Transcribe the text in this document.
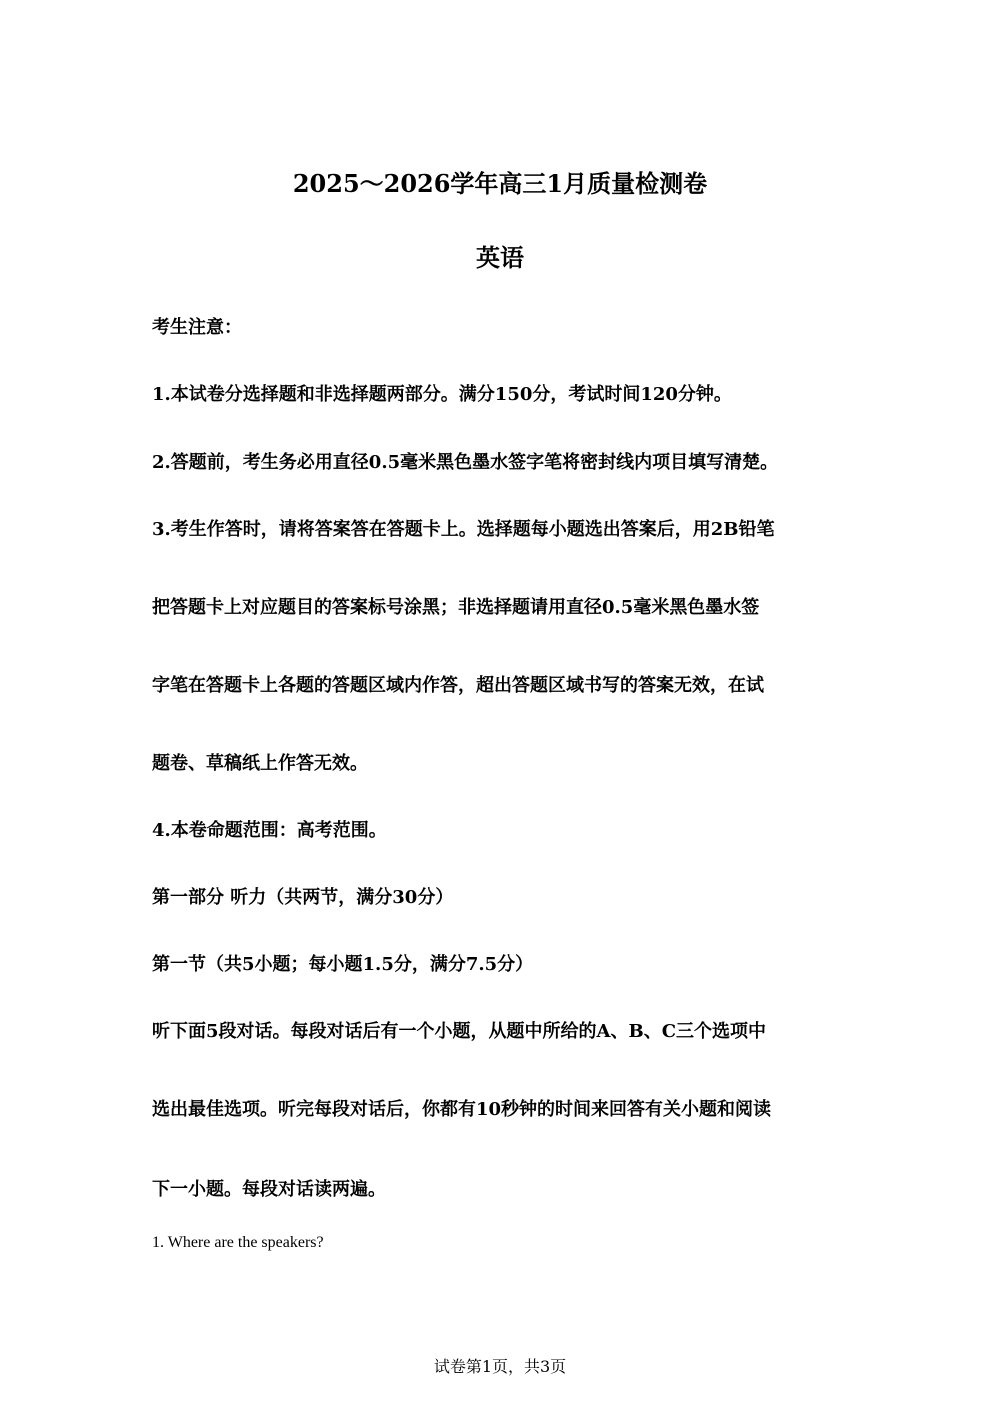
2025～2026学年高三1月质量检测卷
英语
考生注意：
1.本试卷分选择题和非选择题两部分。满分150分，考试时间120分钟。
2.答题前，考生务必用直径0.5毫米黑色墨水签字笔将密封线内项目填写清楚。
3.考生作答时，请将答案答在答题卡上。选择题每小题选出答案后，用2B铅笔
把答题卡上对应题目的答案标号涂黑；非选择题请用直径0.5毫米黑色墨水签
字笔在答题卡上各题的答题区域内作答，超出答题区域书写的答案无效，在试
题卷、草稿纸上作答无效。
4.本卷命题范围：高考范围。
第一部分 听力（共两节，满分30分）
第一节（共5小题；每小题1.5分，满分7.5分）
听下面5段对话。每段对话后有一个小题，从题中所给的A、B、C三个选项中
选出最佳选项。听完每段对话后，你都有10秒钟的时间来回答有关小题和阅读
下一小题。每段对话读两遍。
1. Where are the speakers?
试卷第1页，共3页
